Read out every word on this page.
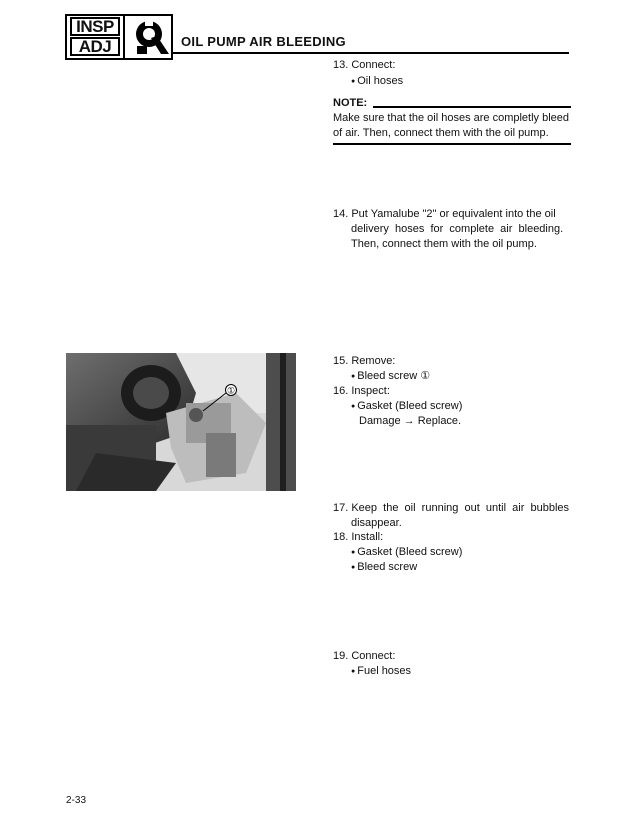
INSP
ADJ	OIL PUMP AIR BLEEDING
13. Connect:
● Oil hoses
NOTE:
Make sure that the oil hoses are completly bleed
of air. Then, connect them with the oil pump.
14. Put Yamalube "2" or equivalent into the oil
delivery  hoses  for  complete  air  bleeding.
Then, connect them with the oil pump.
①
15. Remove:
● Bleed screw ①
16. Inspect:
● Gasket (Bleed screw)
Damage → Replace.
17. Keep  the  oil  running  out  until  air  bubbles
disappear.
18. Install:
● Gasket (Bleed screw)
● Bleed screw
19. Connect:
● Fuel hoses
2-33
